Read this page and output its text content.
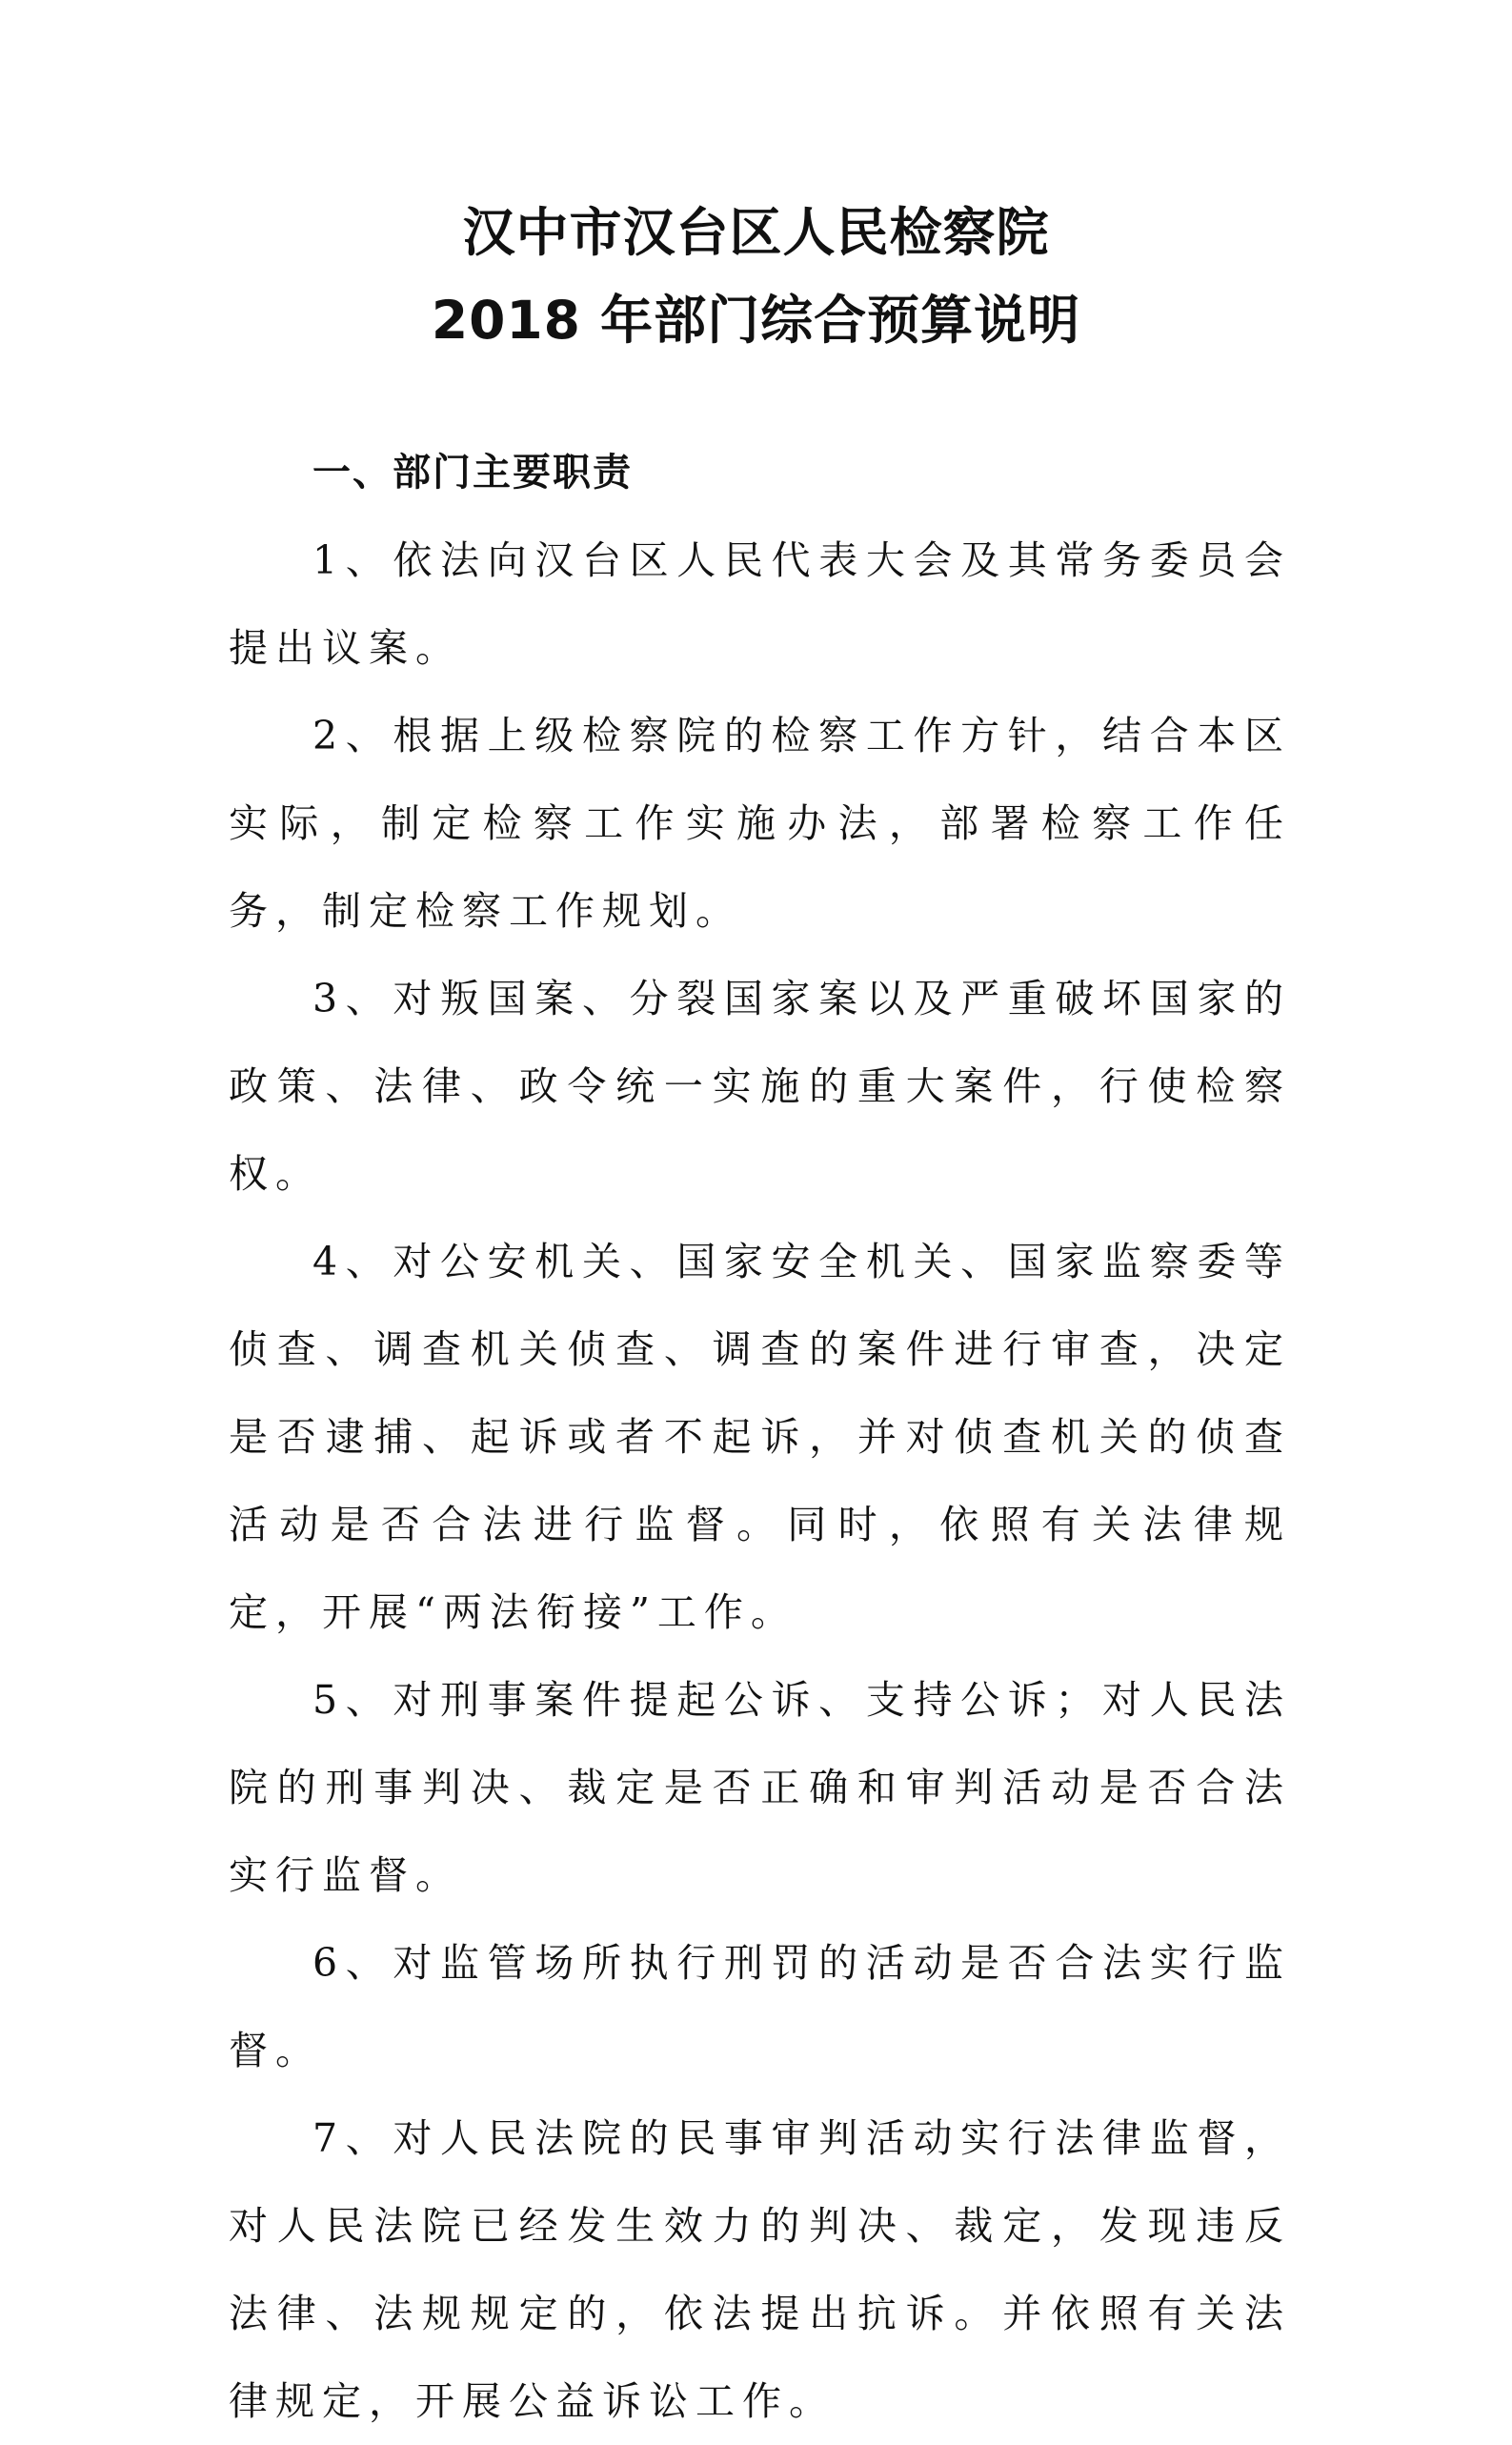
汉中市汉台区人民检察院
2018 年部门综合预算说明

一、部门主要职责

1、依法向汉台区人民代表大会及其常务委员会提出议案。

2、根据上级检察院的检察工作方针，结合本区实际，制定检察工作实施办法，部署检察工作任务，制定检察工作规划。

3、对叛国案、分裂国家案以及严重破坏国家的政策、法律、政令统一实施的重大案件，行使检察权。

4、对公安机关、国家安全机关、国家监察委等侦查、调查机关侦查、调查的案件进行审查，决定是否逮捕、起诉或者不起诉，并对侦查机关的侦查活动是否合法进行监督。同时，依照有关法律规定，开展“两法衔接”工作。

5、对刑事案件提起公诉、支持公诉；对人民法院的刑事判决、裁定是否正确和审判活动是否合法实行监督。

6、对监管场所执行刑罚的活动是否合法实行监督。

7、对人民法院的民事审判活动实行法律监督，对人民法院已经发生效力的判决、裁定，发现违反法律、法规规定的，依法提出抗诉。并依照有关法律规定，开展公益诉讼工作。
